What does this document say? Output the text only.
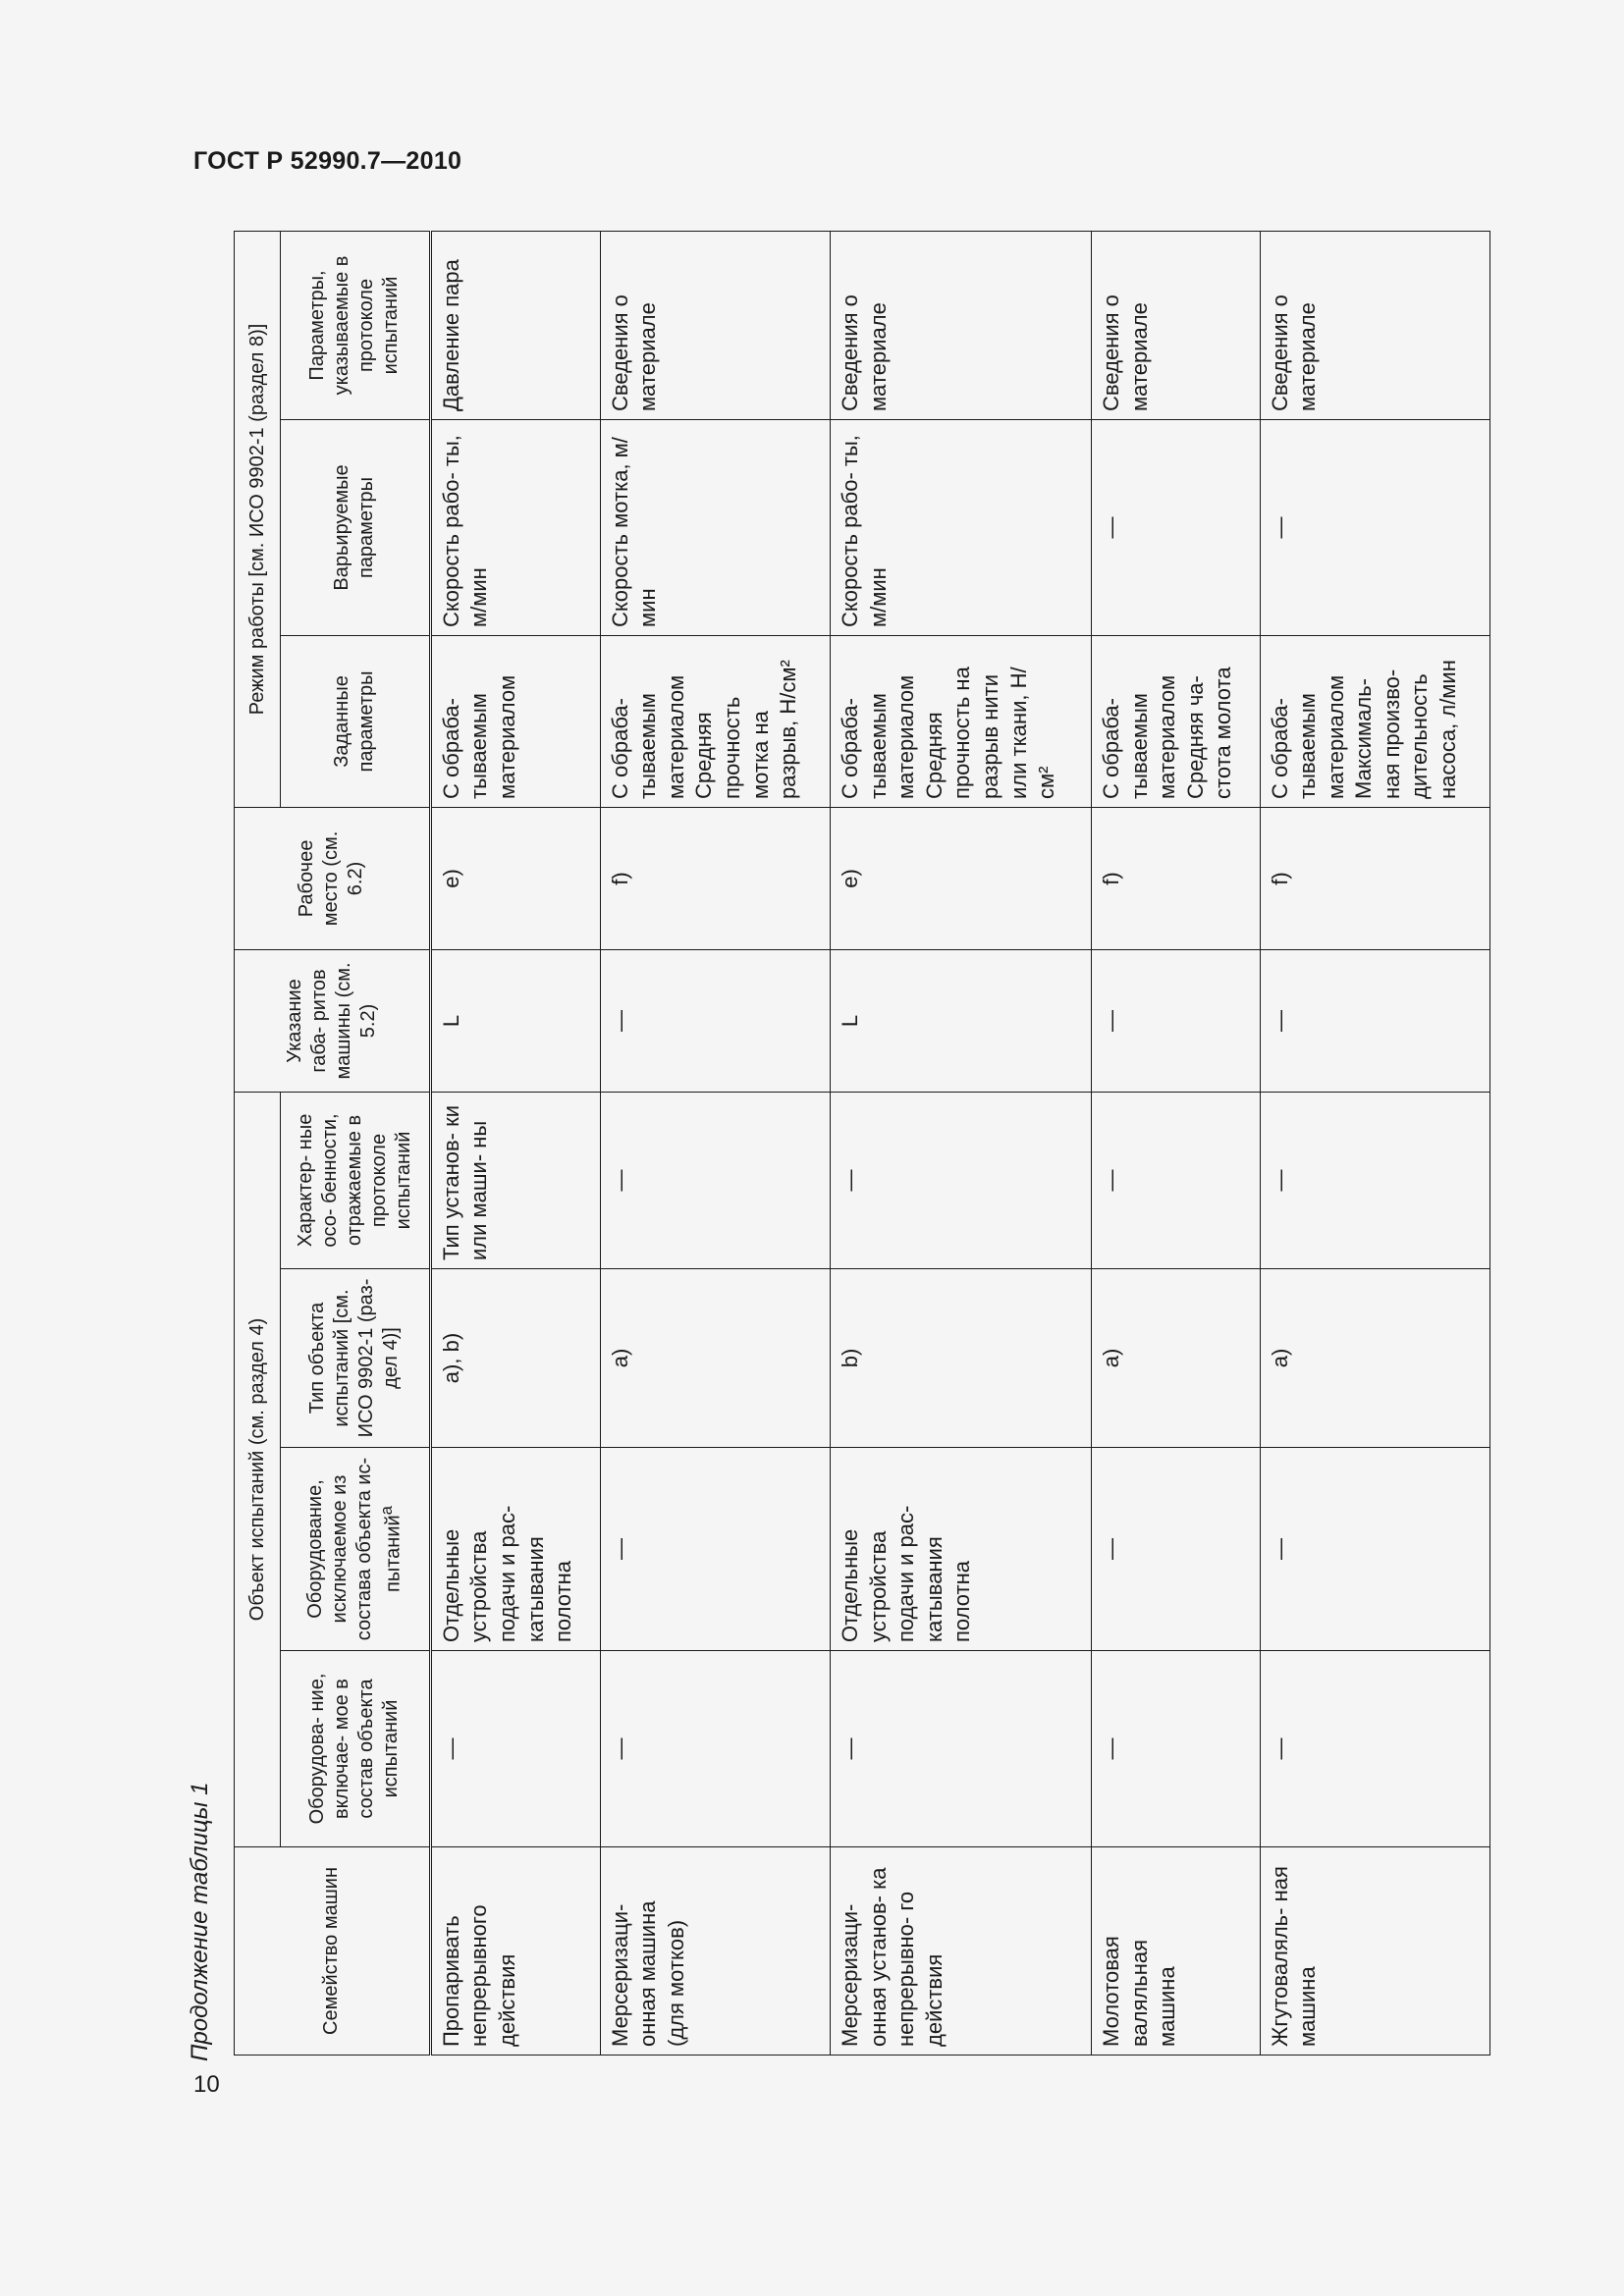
ГОСТ Р 52990.7—2010
10
Продолжение таблицы 1	Семейство машин	Объект испытаний (см. раздел 4)				Указание габа- ритов машины (см. 5.2)	Рабочее место (см. 6.2)	Режим работы [см. ИСО 9902-1 (раздел 8)]		
	Оборудова- ние, включае- мое в состав объекта испытаний	Оборудование, исключаемое из состава объекта ис- пытаний$^a$	Тип объекта испытаний [см. ИСО 9902-1 (раз- дел 4)]	Характер- ные осо- бенности, отражаемые в протоколе испытаний			Заданные параметры	Варьируемые параметры	Параметры, указываемые в протоколе испытаний
Пропаривать непрерывного действия	—	Отдельные устройства подачи и рас- катывания полотна	a), b)	Тип установ- ки или маши- ны	L	e)	С обраба- тываемым материалом	Скорость рабо- ты, м/мин	Давление пара
Мерсеризаци- онная машина (для мотков)	—	—	a)	—	—	f)	С обраба- тываемым материалом Средняя прочность мотка на разрыв, Н/см²	Скорость мотка, м/мин	Сведения о материале
Мерсеризаци- онная установ- ка непрерывно- го действия	—	Отдельные устройства подачи и рас- катывания полотна	b)	—	L	e)	С обраба- тываемым материалом Средняя прочность на разрыв нити или ткани, Н/см²	Скорость рабо- ты, м/мин	Сведения о материале
Молотовая валяльная машина	—	—	a)	—	—	f)	С обраба- тываемым материалом Средняя ча- стота молота	—	Сведения о материале
Жгутоваляль- ная машина	—	—	a)	—	—	f)	С обраба- тываемым материалом Максималь- ная произво- дительность насоса, л/мин	—	Сведения о материале
